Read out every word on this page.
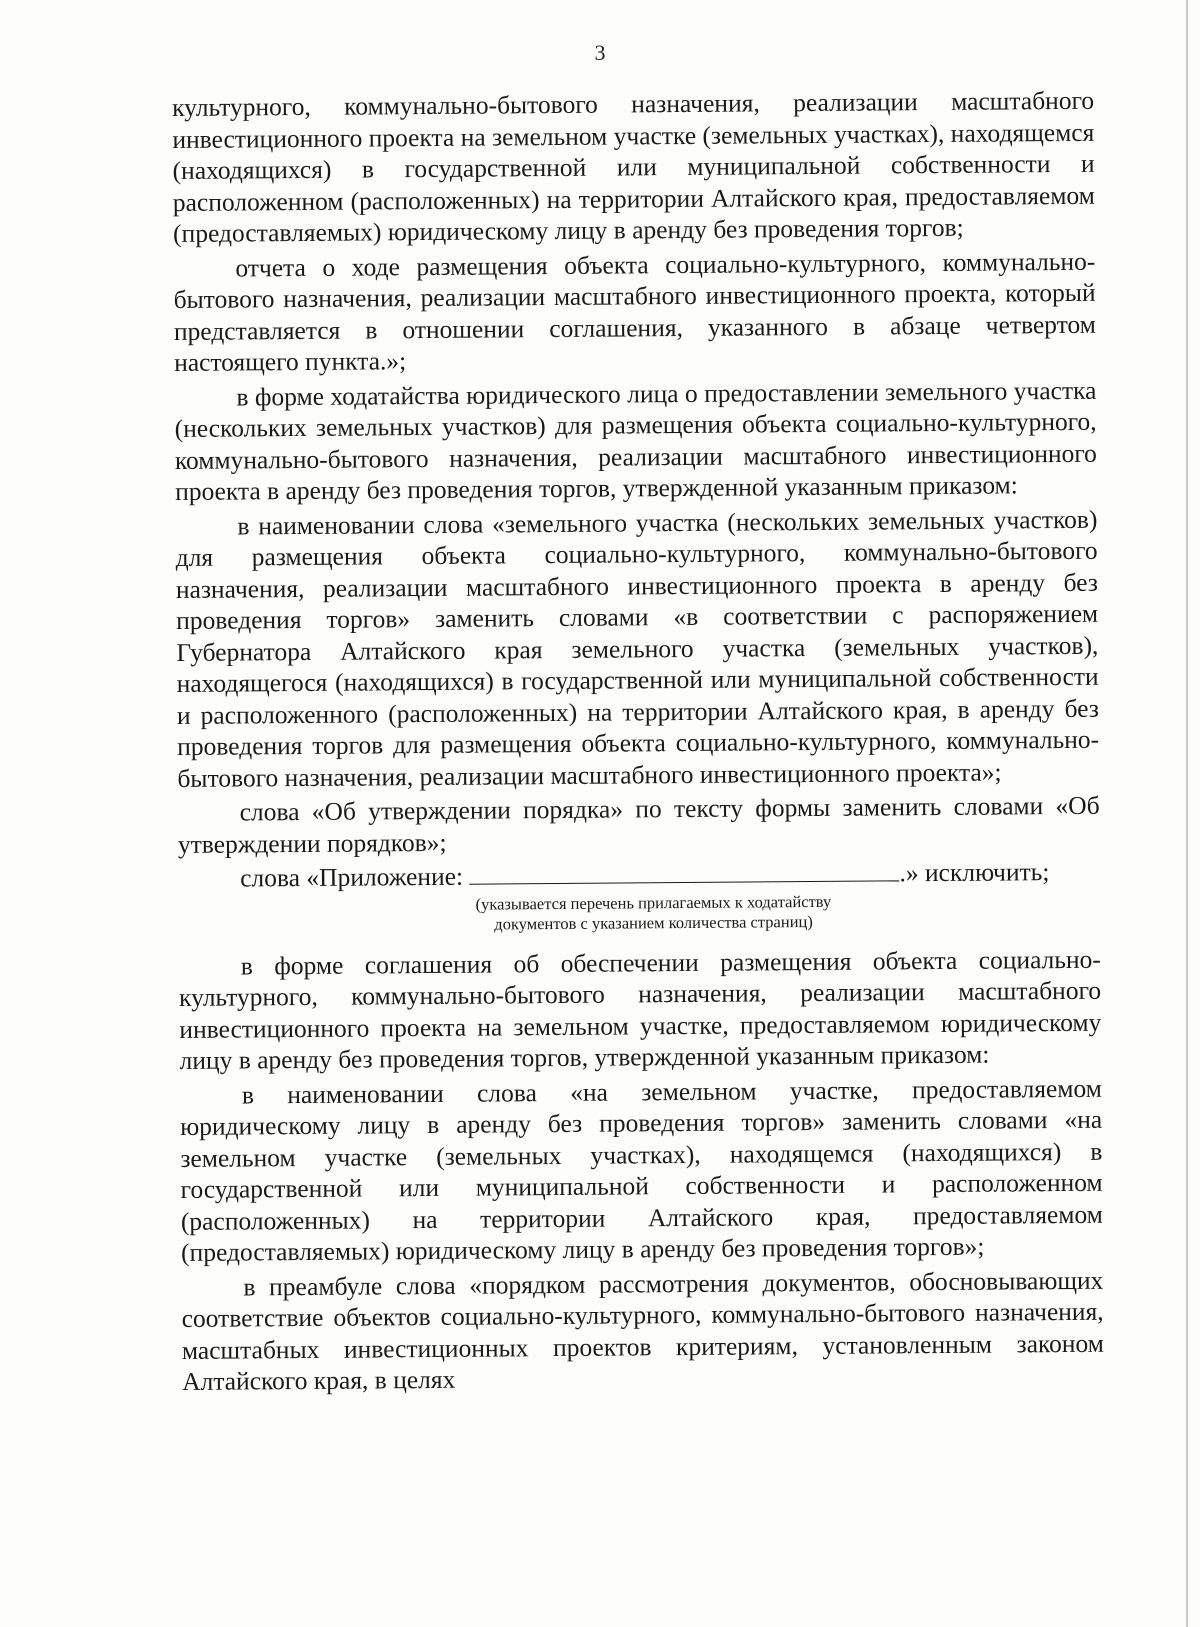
3

культурного, коммунально-бытового назначения, реализации масштабного инвестиционного проекта на земельном участке (земельных участках), находящемся (находящихся) в государственной или муниципальной собственности и расположенном (расположенных) на территории Алтайского края, предоставляемом (предоставляемых) юридическому лицу в аренду без проведения торгов;

отчета о ходе размещения объекта социально-культурного, коммунально-бытового назначения, реализации масштабного инвестиционного проекта, который представляется в отношении соглашения, указанного в абзаце четвертом настоящего пункта.»;

в форме ходатайства юридического лица о предоставлении земельного участка (нескольких земельных участков) для размещения объекта социально-культурного, коммунально-бытового назначения, реализации масштабного инвестиционного проекта в аренду без проведения торгов, утвержденной указанным приказом:

в наименовании слова «земельного участка (нескольких земельных участков) для размещения объекта социально-культурного, коммунально-бытового назначения, реализации масштабного инвестиционного проекта в аренду без проведения торгов» заменить словами «в соответствии с распоряжением Губернатора Алтайского края земельного участка (земельных участков), находящегося (находящихся) в государственной или муниципальной собственности и расположенного (расположенных) на территории Алтайского края, в аренду без проведения торгов для размещения объекта социально-культурного, коммунально-бытового назначения, реализации масштабного инвестиционного проекта»;

слова «Об утверждении порядка» по тексту формы заменить словами «Об утверждении порядков»;

слова «Приложение:	.» исключить;
(указывается перечень прилагаемых к ходатайству
документов с указанием количества страниц)

в форме соглашения об обеспечении размещения объекта социально-культурного, коммунально-бытового назначения, реализации масштабного инвестиционного проекта на земельном участке, предоставляемом юридическому лицу в аренду без проведения торгов, утвержденной указанным приказом:

в наименовании слова «на земельном участке, предоставляемом юридическому лицу в аренду без проведения торгов» заменить словами «на земельном участке (земельных участках), находящемся (находящихся) в государственной или муниципальной собственности и расположенном (расположенных) на территории Алтайского края, предоставляемом (предоставляемых) юридическому лицу в аренду без проведения торгов»;

в преамбуле слова «порядком рассмотрения документов, обосновывающих соответствие объектов социально-культурного, коммунально-бытового назначения, масштабных инвестиционных проектов критериям, установленным законом Алтайского края, в целях
